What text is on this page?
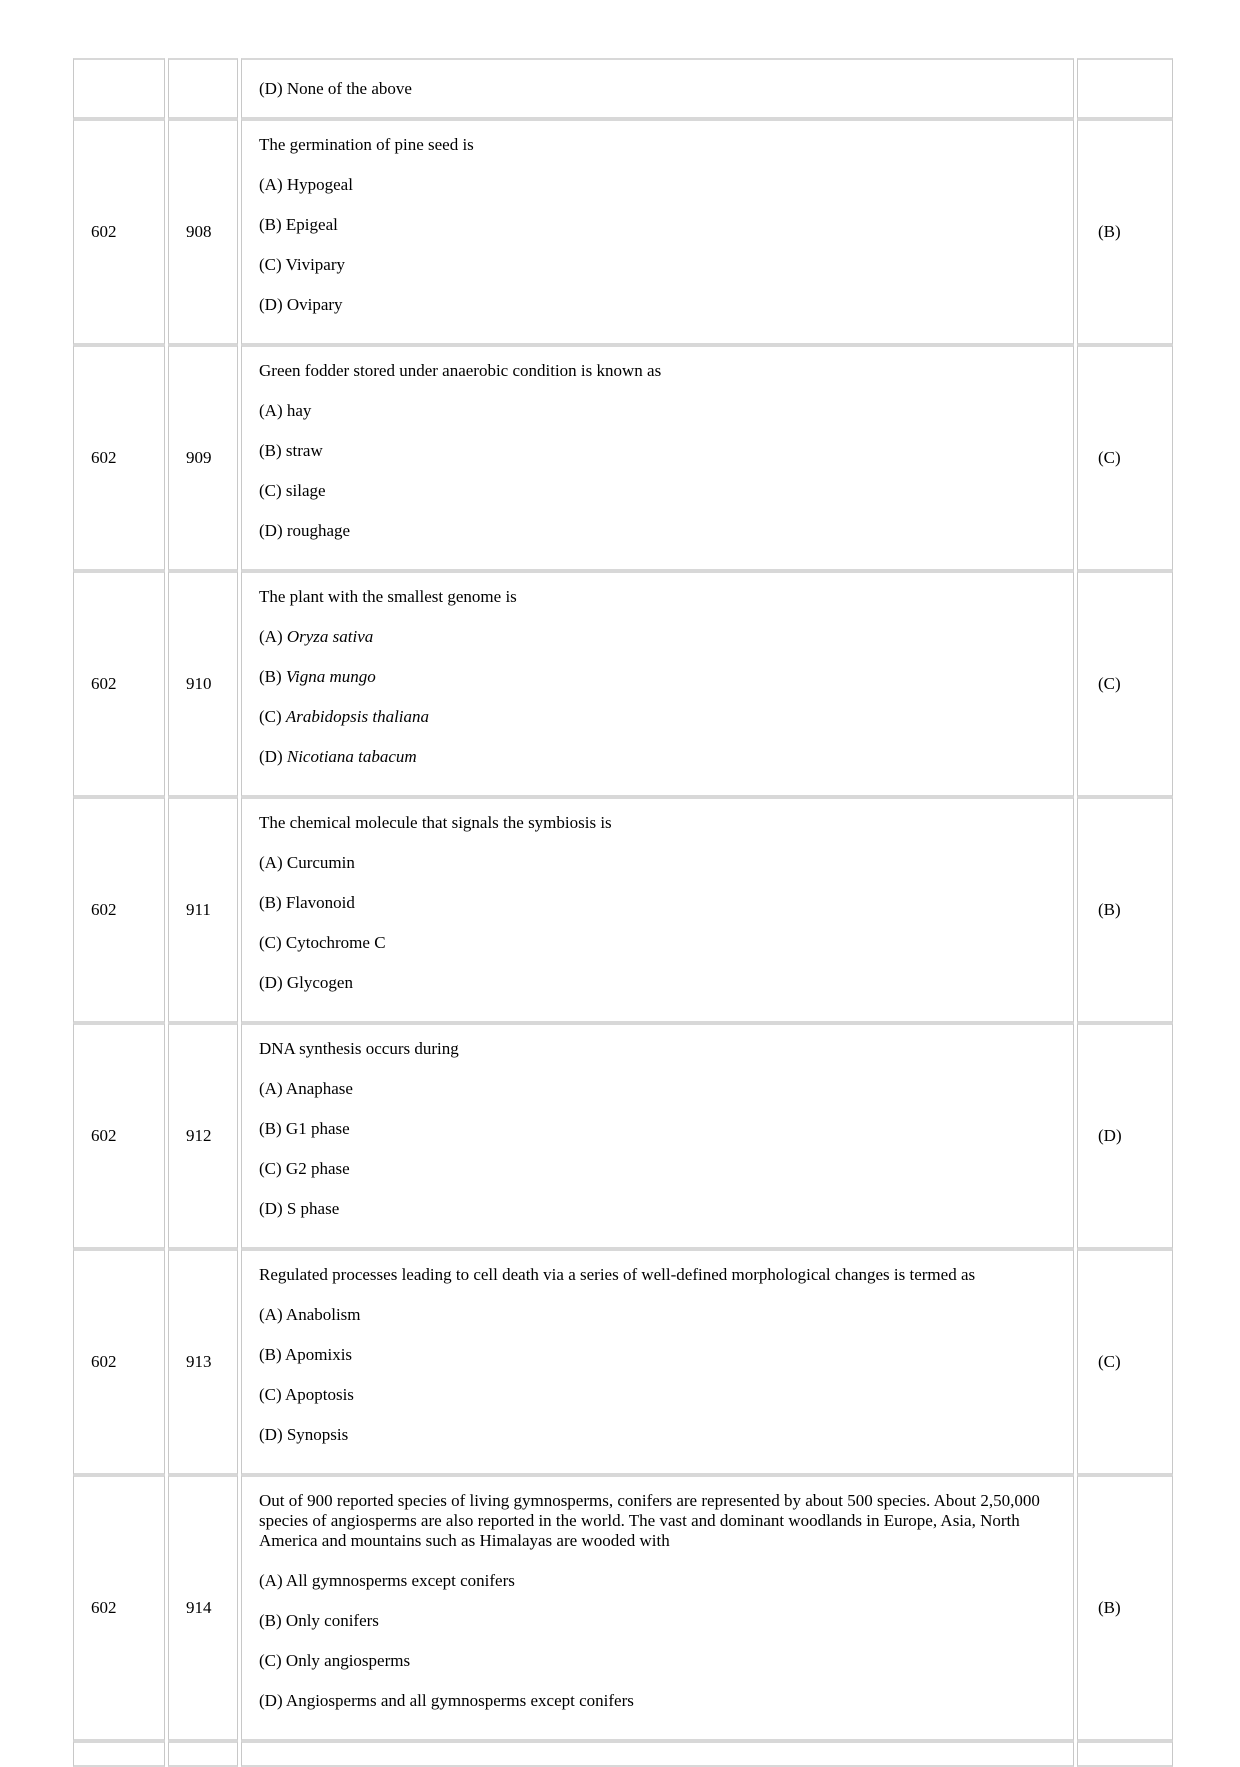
		(D) None of the above	

602	908	The germination of pine seed is
(A) Hypogeal
(B) Epigeal
(C) Vivipary
(D) Ovipary	(B)
602	909	Green fodder stored under anaerobic condition is known as
(A) hay
(B) straw
(C) silage
(D) roughage	(C)
602	910	The plant with the smallest genome is
(A) Oryza sativa
(B) Vigna mungo
(C) Arabidopsis thaliana
(D) Nicotiana tabacum	(C)
602	911	The chemical molecule that signals the symbiosis is
(A) Curcumin
(B) Flavonoid
(C) Cytochrome C
(D) Glycogen	(B)
602	912	DNA synthesis occurs during
(A) Anaphase
(B) G1 phase
(C) G2 phase
(D) S phase	(D)
602	913	Regulated processes leading to cell death via a series of well-defined morphological changes is termed as
(A) Anabolism
(B) Apomixis
(C) Apoptosis
(D) Synopsis	(C)
602	914	Out of 900 reported species of living gymnosperms, conifers are represented by about 500 species. About 2,50,000 species of angiosperms are also reported in the world. The vast and dominant woodlands in Europe, Asia, North America and mountains such as Himalayas are wooded with
(A) All gymnosperms except conifers
(B) Only conifers
(C) Only angiosperms
(D) Angiosperms and all gymnosperms except conifers	(B)
